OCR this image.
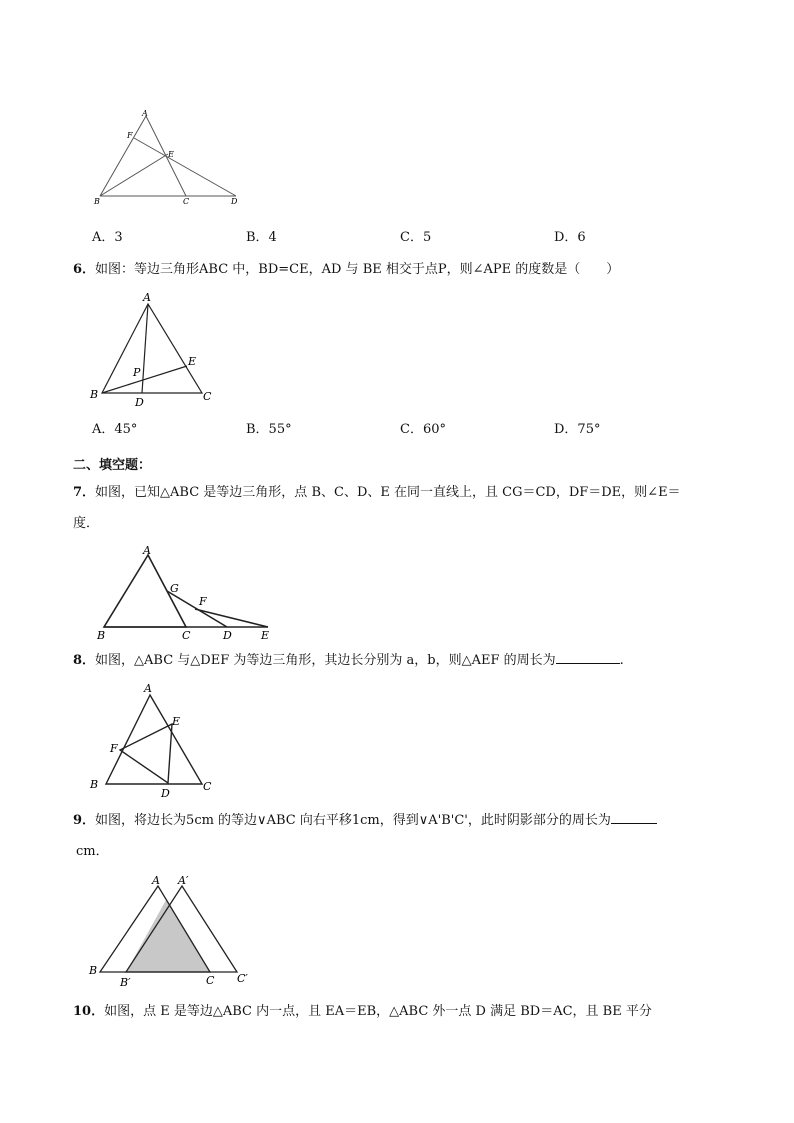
A
F
E
B	C	D
A．3	B．4	C．5	D．6
6．如图：等边三角形ABC 中，BD=CE，AD 与 BE 相交于点P，则∠APE 的度数是（　　）
A
E
P
B
D	C
A．45°	B．55°	C．60°	D．75°
二、填空题：
7．如图，已知△ABC 是等边三角形，点 B、C、D、E 在同一直线上，且 CG＝CD，DF＝DE，则∠E＝
度．
A
G
F
B	C	D	E
8．如图，△ABC 与△DEF 为等边三角形，其边长分别为 a，b，则△AEF 的周长为	.
A
E
F
B
D
C
9．如图，将边长为5cm 的等边∨ABC 向右平移1cm，得到∨A'B'C'，此时阴影部分的周长为
cm．
A A′
B
B′	C C′
10．如图，点 E 是等边△ABC 内一点，且 EA＝EB，△ABC 外一点 D 满足 BD＝AC，且 BE 平分
